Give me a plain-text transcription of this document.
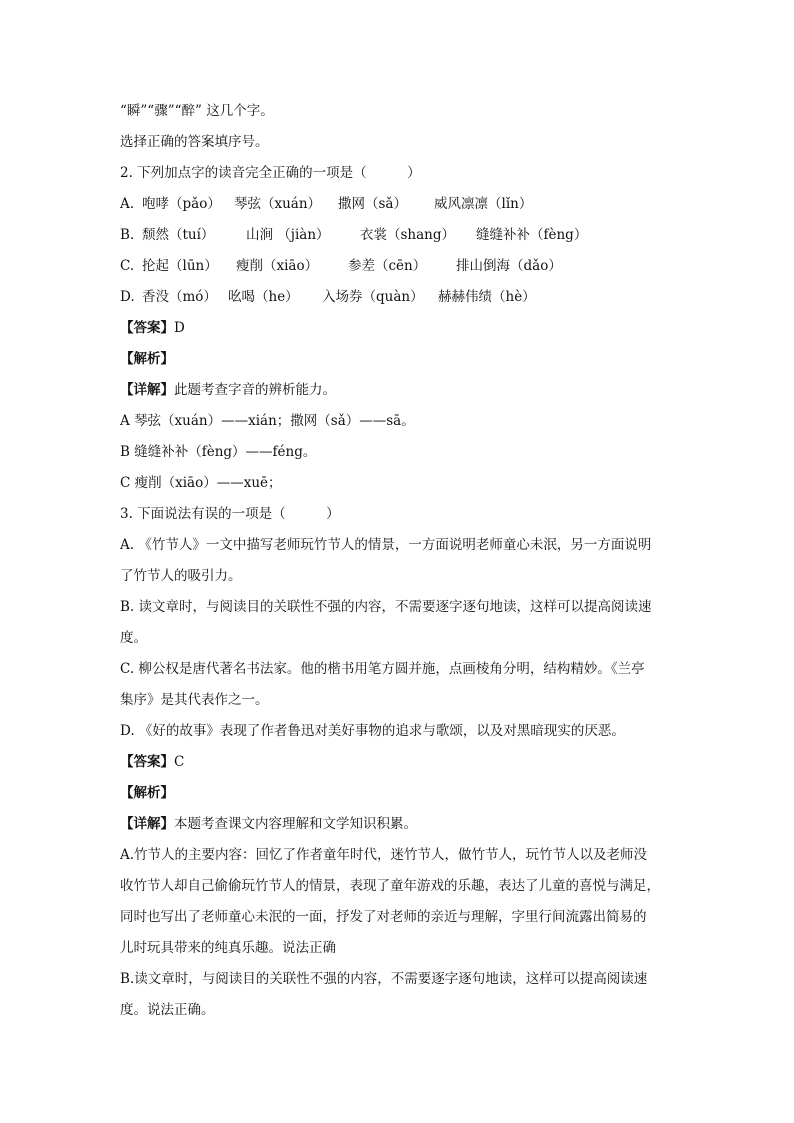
“瞬”“骤”“醉” 这几个字。
选择正确的答案填序号。
2. 下列加点字的读音完全正确的一项是（　　　）
A. 咆哮（pǎo） 琴弦（xuán）	撒网（sǎ）	威风凛凛（lǐn）
B. 颓然（tuí）	山涧 （jiàn）	衣裳（shang）	缝缝补补（fèng）
C. 抡起（lūn）	瘦削（xiāo）	参差（cēn）	排山倒海（dǎo）
D. 香没（mó） 吆喝（he）	入场券（quàn）	赫赫伟绩（hè）
【答案】D
【解析】
【详解】此题考查字音的辨析能力。
A 琴弦（xuán）——xián；撒网（sǎ）——sā。
B 缝缝补补（fèng）——féng。
C 瘦削（xiāo）——xuē；
3. 下面说法有误的一项是（　　　）
A. 《竹节人》一文中描写老师玩竹节人的情景，一方面说明老师童心未泯，另一方面说明
了竹节人的吸引力。
B. 读文章时，与阅读目的关联性不强的内容，不需要逐字逐句地读，这样可以提高阅读速
度。
C. 柳公权是唐代著名书法家。他的楷书用笔方圆并施，点画棱角分明，结构精妙。《兰亭
集序》是其代表作之一。
D. 《好的故事》表现了作者鲁迅对美好事物的追求与歌颂，以及对黑暗现实的厌恶。
【答案】C
【解析】
【详解】本题考查课文内容理解和文学知识积累。
A.竹节人的主要内容：回忆了作者童年时代，迷竹节人，做竹节人，玩竹节人以及老师没
收竹节人却自己偷偷玩竹节人的情景，表现了童年游戏的乐趣，表达了儿童的喜悦与满足，
同时也写出了老师童心未泯的一面，抒发了对老师的亲近与理解，字里行间流露出简易的
儿时玩具带来的纯真乐趣。说法正确
B.读文章时，与阅读目的关联性不强的内容，不需要逐字逐句地读，这样可以提高阅读速
度。说法正确。
